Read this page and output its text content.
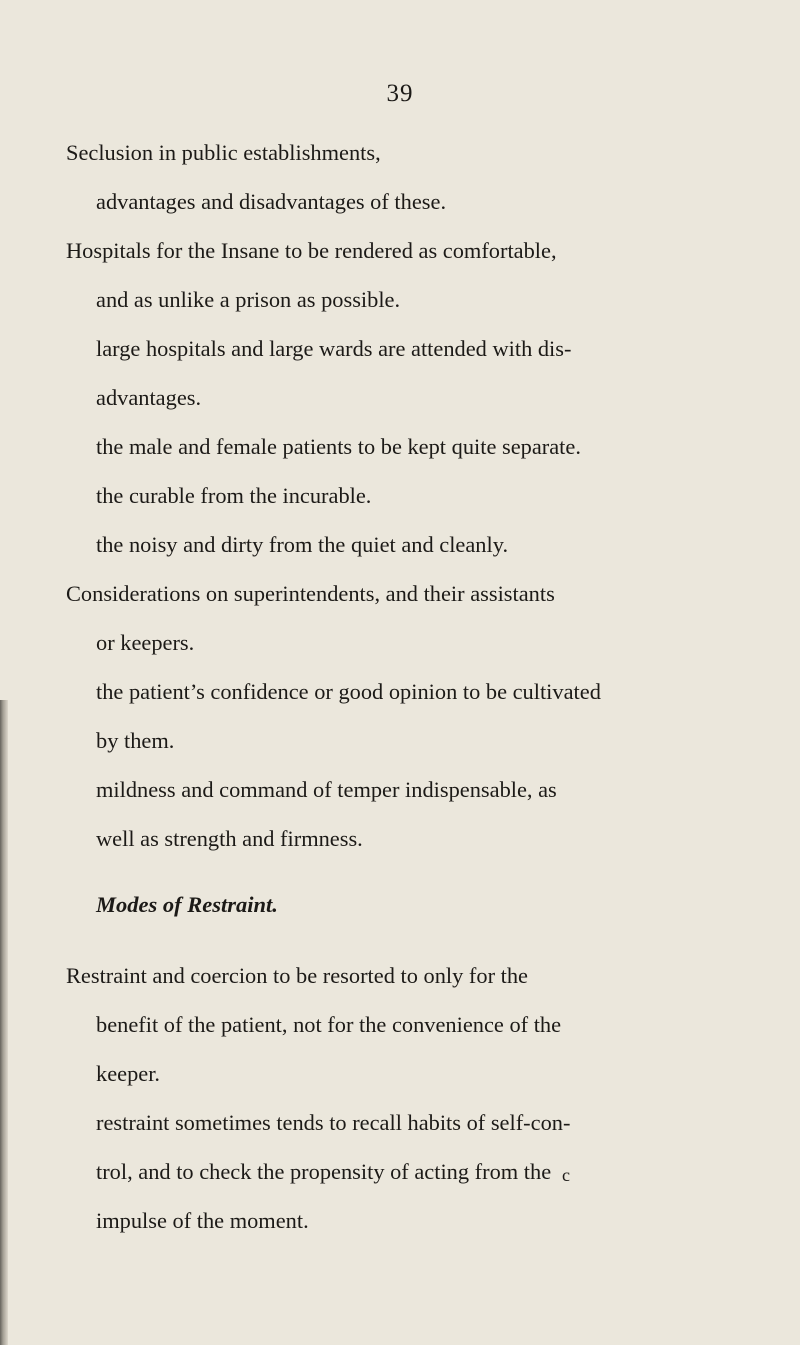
39
Seclusion in public establishments,
advantages and disadvantages of these.
Hospitals for the Insane to be rendered as comfortable,
and as unlike a prison as possible.
large hospitals and large wards are attended with dis-
advantages.
the male and female patients to be kept quite separate.
the curable from the incurable.
the noisy and dirty from the quiet and cleanly.
Considerations on superintendents, and their assistants
or keepers.
the patient’s confidence or good opinion to be cultivated
by them.
mildness and command of temper indispensable, as
well as strength and firmness.
Modes of Restraint.
Restraint and coercion to be resorted to only for the
benefit of the patient, not for the convenience of the
keeper.
restraint sometimes tends to recall habits of self-con-
trol, and to check the propensity of acting from the
impulse of the moment.
c
